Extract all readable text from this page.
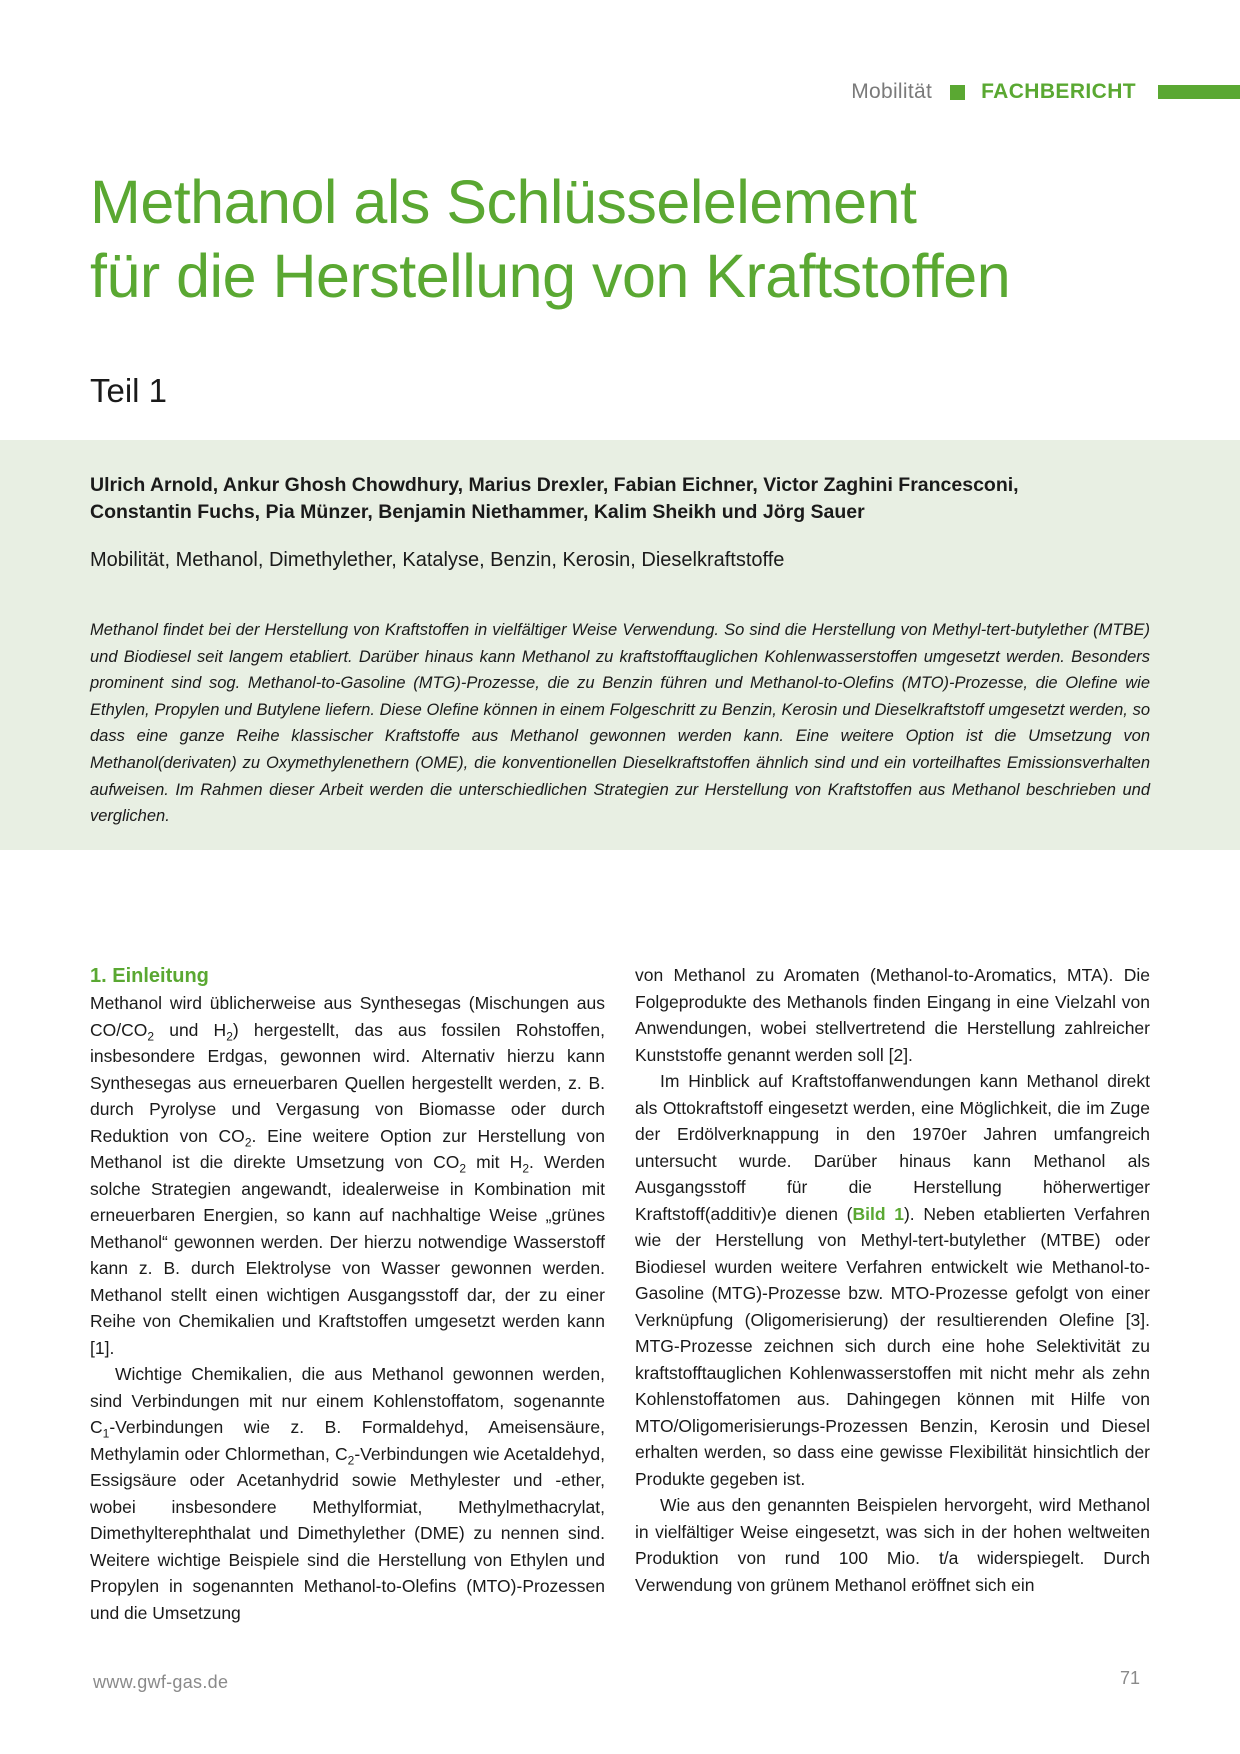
Mobilität FACHBERICHT
Methanol als Schlüsselelement
für die Herstellung von Kraftstoffen
Teil 1
Ulrich Arnold, Ankur Ghosh Chowdhury, Marius Drexler, Fabian Eichner, Victor Zaghini Francesconi,
Constantin Fuchs, Pia Münzer, Benjamin Niethammer, Kalim Sheikh und Jörg Sauer
Mobilität, Methanol, Dimethylether, Katalyse, Benzin, Kerosin, Dieselkraftstoffe
Methanol findet bei der Herstellung von Kraftstoffen in vielfältiger Weise Verwendung. So sind die Herstellung von Methyl-tert-butylether (MTBE) und Biodiesel seit langem etabliert. Darüber hinaus kann Methanol zu kraftstofftauglichen Kohlenwasserstoffen umgesetzt werden. Besonders prominent sind sog. Methanol-to-Gasoline (MTG)-Prozesse, die zu Benzin führen und Methanol-to-Olefins (MTO)-Prozesse, die Olefine wie Ethylen, Propylen und Butylene liefern. Diese Olefine können in einem Folgeschritt zu Benzin, Kerosin und Dieselkraftstoff umgesetzt werden, so dass eine ganze Reihe klassischer Kraftstoffe aus Methanol gewonnen werden kann. Eine weitere Option ist die Umsetzung von Methanol(derivaten) zu Oxymethylenethern (OME), die konventionellen Dieselkraftstoffen ähnlich sind und ein vorteilhaftes Emissionsverhalten aufweisen. Im Rahmen dieser Arbeit werden die unterschiedlichen Strategien zur Herstellung von Kraftstoffen aus Methanol beschrieben und verglichen.
1. Einleitung

Methanol wird üblicherweise aus Synthesegas (Mischungen aus $CO/CO_2$ und $H_2$) hergestellt, das aus fossilen Rohstoffen, insbesondere Erdgas, gewonnen wird. Alternativ hierzu kann Synthesegas aus erneuerbaren Quellen hergestellt werden, z. B. durch Pyrolyse und Vergasung von Biomasse oder durch Reduktion von $CO_2$. Eine weitere Option zur Herstellung von Methanol ist die direkte Umsetzung von $CO_2$ mit $H_2$. Werden solche Strategien angewandt, idealerweise in Kombination mit erneuerbaren Energien, so kann auf nachhaltige Weise „grünes Methanol“ gewonnen werden. Der hierzu notwendige Wasserstoff kann z. B. durch Elektrolyse von Wasser gewonnen werden. Methanol stellt einen wichtigen Ausgangsstoff dar, der zu einer Reihe von Chemikalien und Kraftstoffen umgesetzt werden kann [1].

Wichtige Chemikalien, die aus Methanol gewonnen werden, sind Verbindungen mit nur einem Kohlenstoffatom, sogenannte $C_1$-Verbindungen wie z. B. Formaldehyd, Ameisensäure, Methylamin oder Chlormethan, $C_2$-Verbindungen wie Acetaldehyd, Essigsäure oder Acetanhydrid sowie Methylester und -ether, wobei insbesondere Methylformiat, Methylmethacrylat, Dimethylterephthalat und Dimethylether (DME) zu nennen sind. Weitere wichtige Beispiele sind die Herstellung von Ethylen und Propylen in sogenannten Methanol-to-Olefins (MTO)-Prozessen und die Umsetzung

von Methanol zu Aromaten (Methanol-to-Aromatics, MTA). Die Folgeprodukte des Methanols finden Eingang in eine Vielzahl von Anwendungen, wobei stellvertretend die Herstellung zahlreicher Kunststoffe genannt werden soll [2].

Im Hinblick auf Kraftstoffanwendungen kann Methanol direkt als Ottokraftstoff eingesetzt werden, eine Möglichkeit, die im Zuge der Erdölverknappung in den 1970er Jahren umfangreich untersucht wurde. Darüber hinaus kann Methanol als Ausgangsstoff für die Herstellung höherwertiger Kraftstoff(additiv)e dienen (Bild 1). Neben etablierten Verfahren wie der Herstellung von Methyl-tert-butylether (MTBE) oder Biodiesel wurden weitere Verfahren entwickelt wie Methanol-to-Gasoline (MTG)-Prozesse bzw. MTO-Prozesse gefolgt von einer Verknüpfung (Oligomerisierung) der resultierenden Olefine [3]. MTG-Prozesse zeichnen sich durch eine hohe Selektivität zu kraftstofftauglichen Kohlenwasserstoffen mit nicht mehr als zehn Kohlenstoffatomen aus. Dahingegen können mit Hilfe von MTO/Oligomerisierungs-Prozessen Benzin, Kerosin und Diesel erhalten werden, so dass eine gewisse Flexibilität hinsichtlich der Produkte gegeben ist.

Wie aus den genannten Beispielen hervorgeht, wird Methanol in vielfältiger Weise eingesetzt, was sich in der hohen weltweiten Produktion von rund 100 Mio. t/a widerspiegelt. Durch Verwendung von grünem Methanol eröffnet sich ein

www.gwf-gas.de	71
